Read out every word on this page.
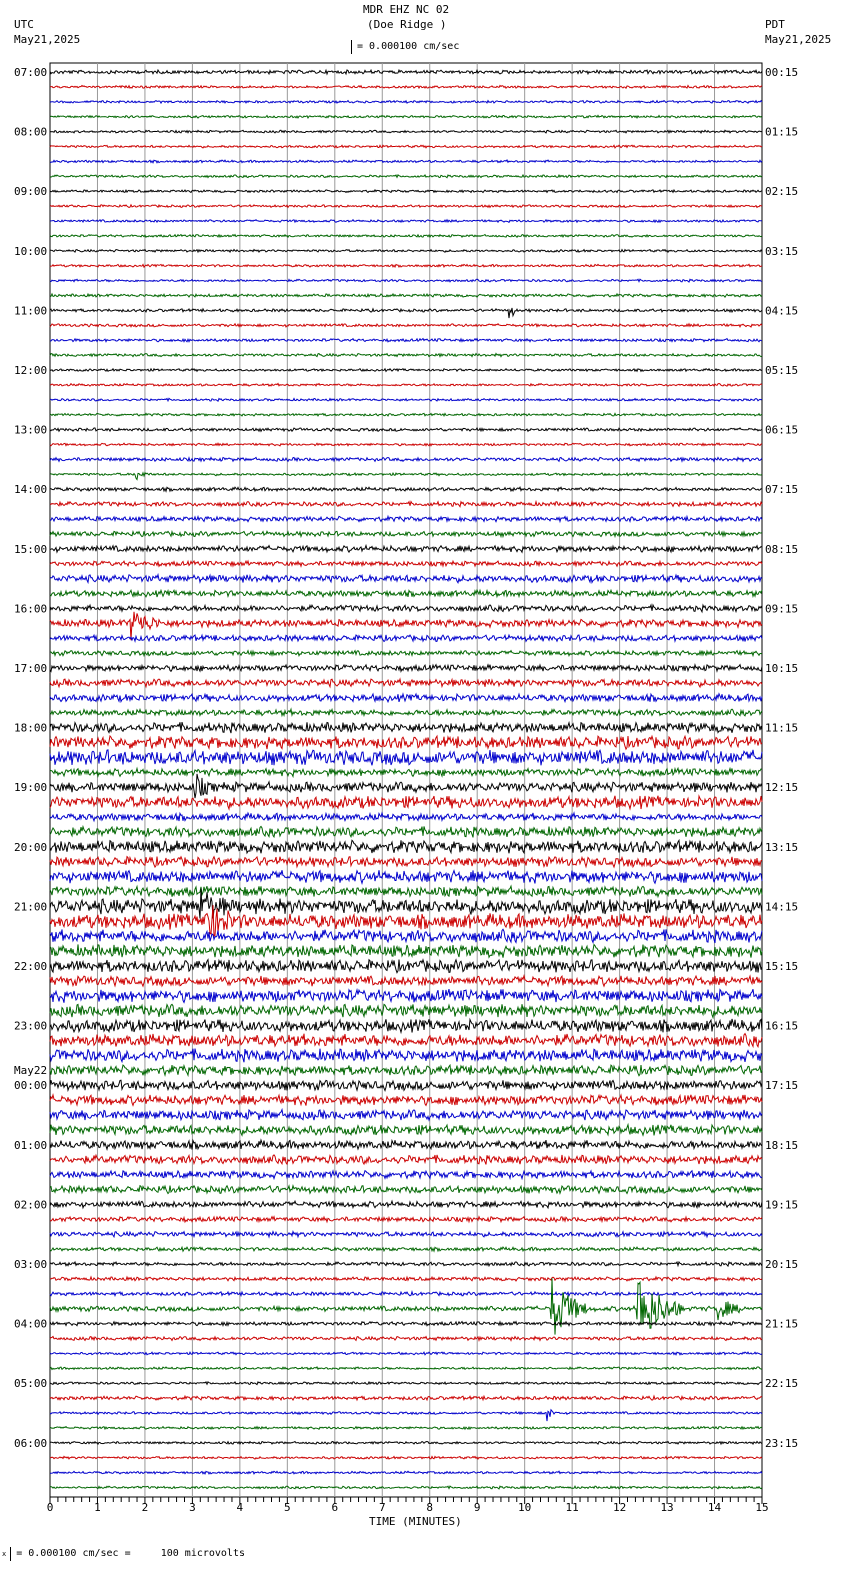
MDR EHZ NC 02
(Doe Ridge )
UTC
May21,2025
PDT
May21,2025
= 0.000100 cm/sec
0	1	2	3	4	5	6	7	8	9	10	11	12	13	14	15
07:00	00:15
08:00	01:15
09:00	02:15
10:00	03:15
11:00	04:15
12:00	05:15
13:00	06:15
14:00	07:15
15:00	08:15
16:00	09:15
17:00	10:15
18:00	11:15
19:00	12:15
20:00	13:15
21:00	14:15
22:00	15:15
23:00	16:15
00:00	17:15
May22
01:00	18:15
02:00	19:15
03:00	20:15
04:00	21:15
05:00	22:15
06:00	23:15
TIME (MINUTES)
$^x$ = 0.000100 cm/sec =     100 microvolts
